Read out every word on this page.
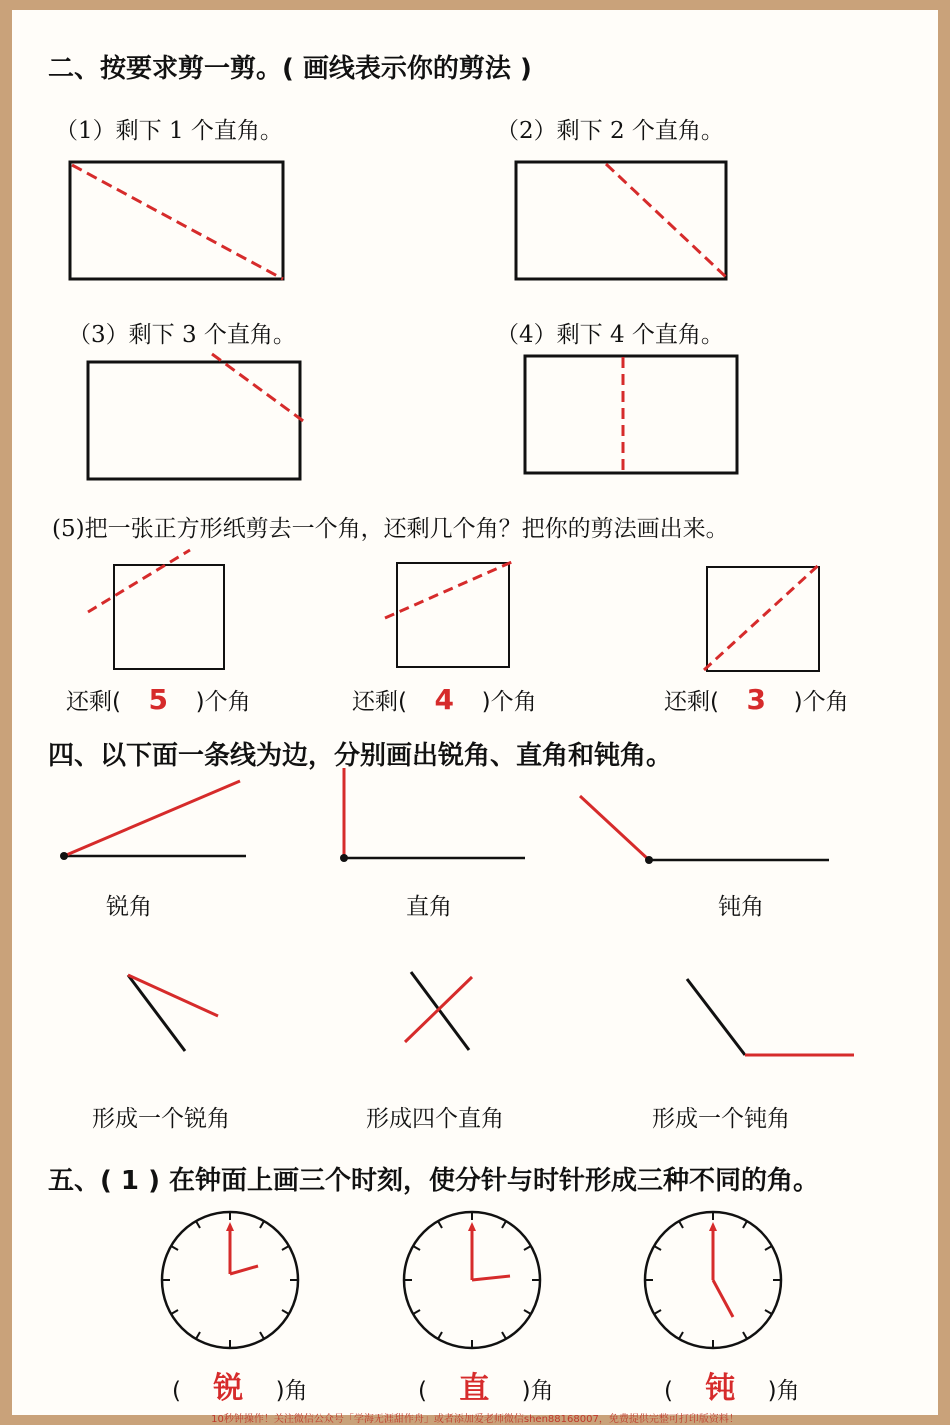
二、按要求剪一剪。( 画线表示你的剪法 )
（1）剩下 1 个直角。	（2）剩下 2 个直角。
（3）剩下 3 个直角。	（4）剩下 4 个直角。
(5)把一张正方形纸剪去一个角，还剩几个角？把你的剪法画出来。
还剩( 5 )个角	还剩( 4 )个角	还剩( 3 )个角
四、以下面一条线为边，分别画出锐角、直角和钝角。
锐角	直角	钝角
形成一个锐角	形成四个直角	形成一个钝角
五、( 1 ) 在钟面上画三个时刻，使分针与时针形成三种不同的角。
( 锐 )角	( 直 )角	( 钝 )角
10秒钟操作！关注微信公众号「学海无涯甜作舟」或者添加爱老师微信shen88168007，免费提供完整可打印版资料！
